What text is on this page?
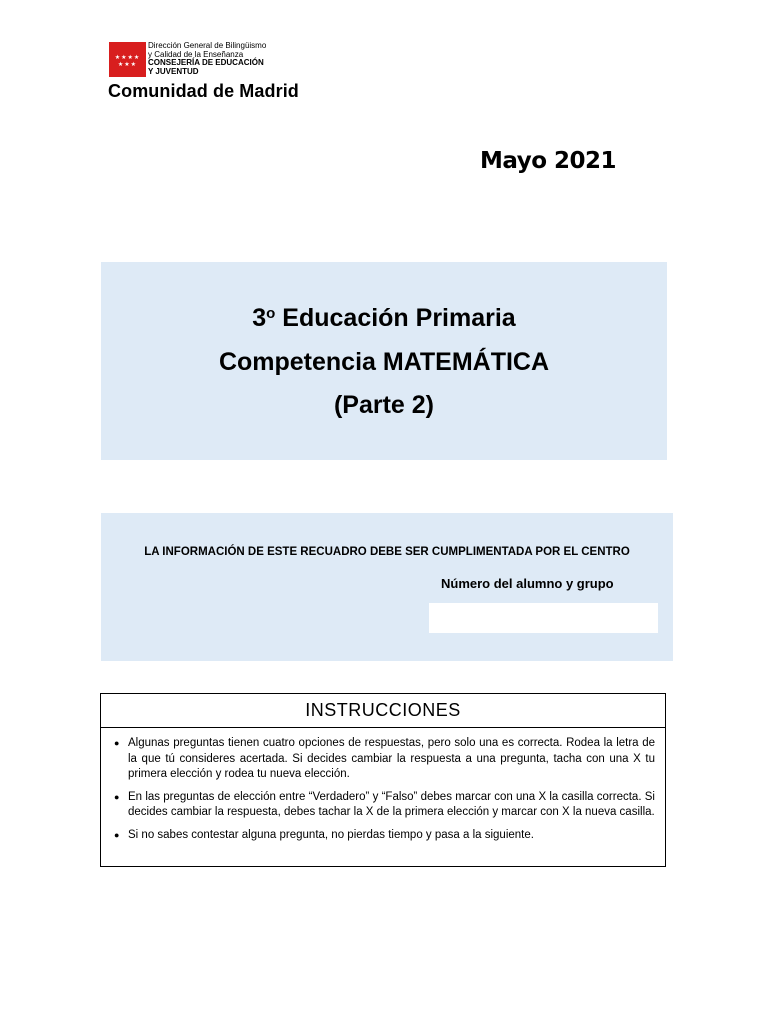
★★★★
★★★
Dirección General de Bilingüismo
y Calidad de la Enseñanza
CONSEJERÍA DE EDUCACIÓN
Y JUVENTUD
Comunidad de Madrid
Mayo 2021
3$^o$ Educación Primaria
Competencia MATEMÁTICA
(Parte 2)
LA INFORMACIÓN DE ESTE RECUADRO DEBE SER CUMPLIMENTADA POR EL CENTRO
Número del alumno y grupo
INSTRUCCIONES
● Algunas preguntas tienen cuatro opciones de respuestas, pero solo una es correcta. Rodea la letra de la que tú consideres acertada. Si decides cambiar la respuesta a una pregunta, tacha con una X tu primera elección y rodea tu nueva elección.
● En las preguntas de elección entre “Verdadero” y “Falso” debes marcar con una X la casilla correcta. Si decides cambiar la respuesta, debes tachar la X de la primera elección y marcar con X la nueva casilla.
● Si no sabes contestar alguna pregunta, no pierdas tiempo y pasa a la siguiente.
